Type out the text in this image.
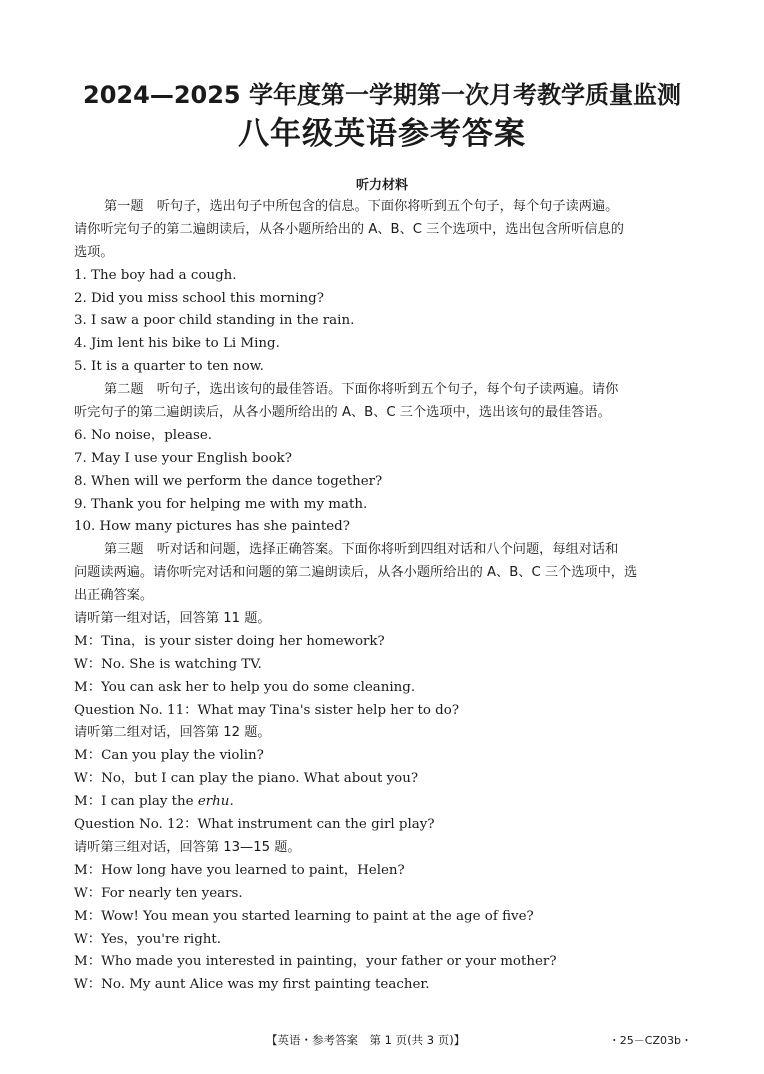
2024—2025 学年度第一学期第一次月考教学质量监测
八年级英语参考答案
听力材料
第一题　听句子，选出句子中所包含的信息。下面你将听到五个句子，每个句子读两遍。
请你听完句子的第二遍朗读后，从各小题所给出的 A、B、C 三个选项中，选出包含所听信息的
选项。
1. The boy had a cough.
2. Did you miss school this morning?
3. I saw a poor child standing in the rain.
4. Jim lent his bike to Li Ming.
5. It is a quarter to ten now.
第二题　听句子，选出该句的最佳答语。下面你将听到五个句子，每个句子读两遍。请你
听完句子的第二遍朗读后，从各小题所给出的 A、B、C 三个选项中，选出该句的最佳答语。
6. No noise，please.
7. May I use your English book?
8. When will we perform the dance together?
9. Thank you for helping me with my math.
10. How many pictures has she painted?
第三题　听对话和问题，选择正确答案。下面你将听到四组对话和八个问题，每组对话和
问题读两遍。请你听完对话和问题的第二遍朗读后，从各小题所给出的 A、B、C 三个选项中，选
出正确答案。
请听第一组对话，回答第 11 题。
M：Tina，is your sister doing her homework?
W：No. She is watching TV.
M：You can ask her to help you do some cleaning.
Question No. 11：What may Tina's sister help her to do?
请听第二组对话，回答第 12 题。
M：Can you play the violin?
W：No，but I can play the piano. What about you?
M：I can play the erhu.
Question No. 12：What instrument can the girl play?
请听第三组对话，回答第 13—15 题。
M：How long have you learned to paint，Helen?
W：For nearly ten years.
M：Wow! You mean you started learning to paint at the age of five?
W：Yes，you're right.
M：Who made you interested in painting，your father or your mother?
W：No. My aunt Alice was my first painting teacher.
【英语・参考答案　第 1 页(共 3 页)】	・25－CZ03b・
